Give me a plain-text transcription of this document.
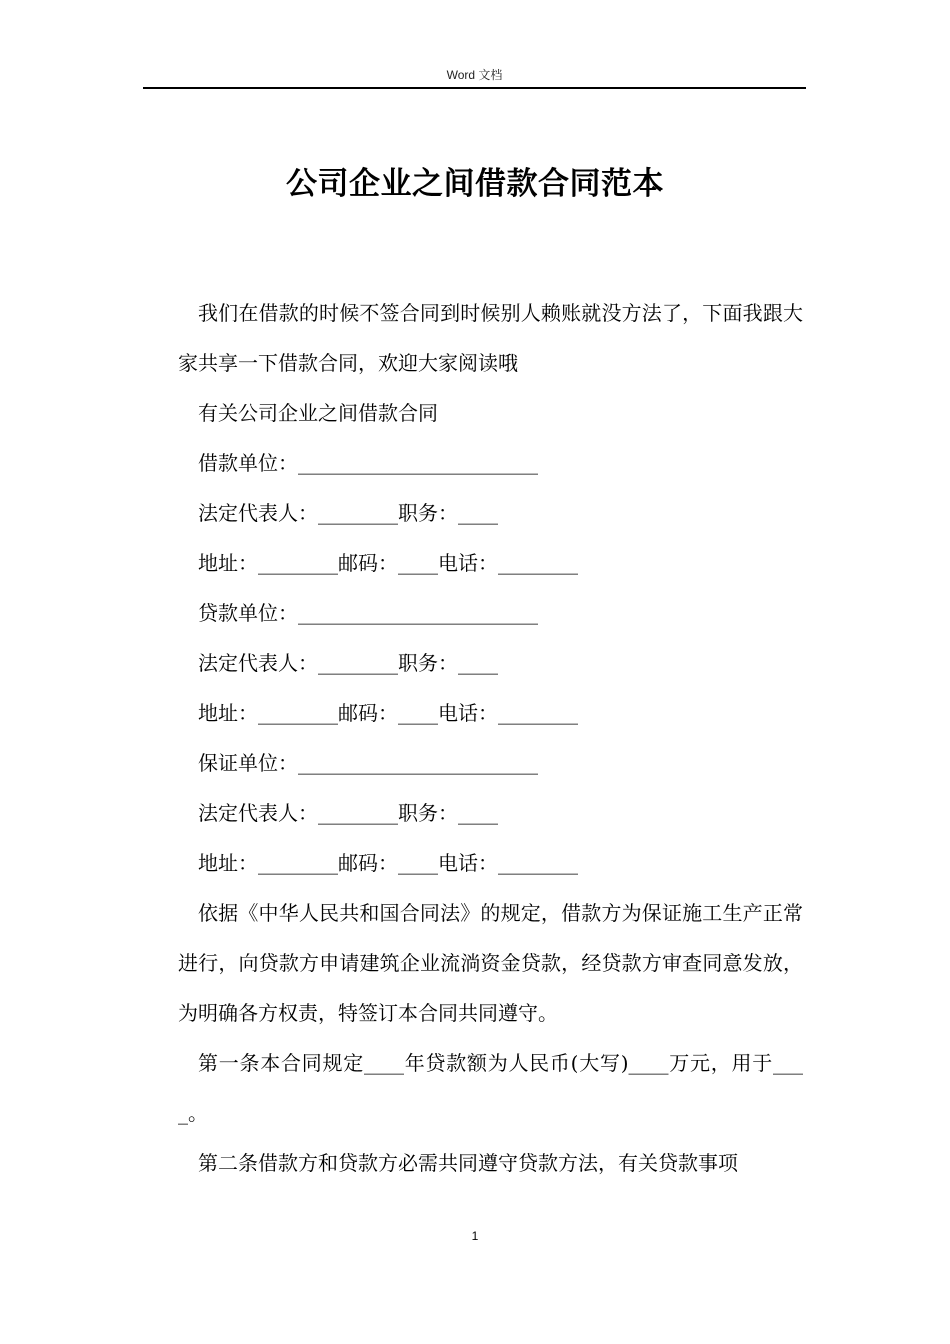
Word 文档
公司企业之间借款合同范本

我们在借款的时候不签合同到时候别人赖账就没方法了，下面我跟大家共享一下借款合同，欢迎大家阅读哦

有关公司企业之间借款合同

借款单位：________________________

法定代表人：________职务：____

地址：________邮码：____电话：________

贷款单位：________________________

法定代表人：________职务：____

地址：________邮码：____电话：________

保证单位：________________________

法定代表人：________职务：____

地址：________邮码：____电话：________

依据《中华人民共和国合同法》的规定，借款方为保证施工生产正常进行，向贷款方申请建筑企业流淌资金贷款，经贷款方审查同意发放，为明确各方权责，特签订本合同共同遵守。

第一条本合同规定____年贷款额为人民币(大写)____万元，用于____。

第二条借款方和贷款方必需共同遵守贷款方法，有关贷款事项

1
